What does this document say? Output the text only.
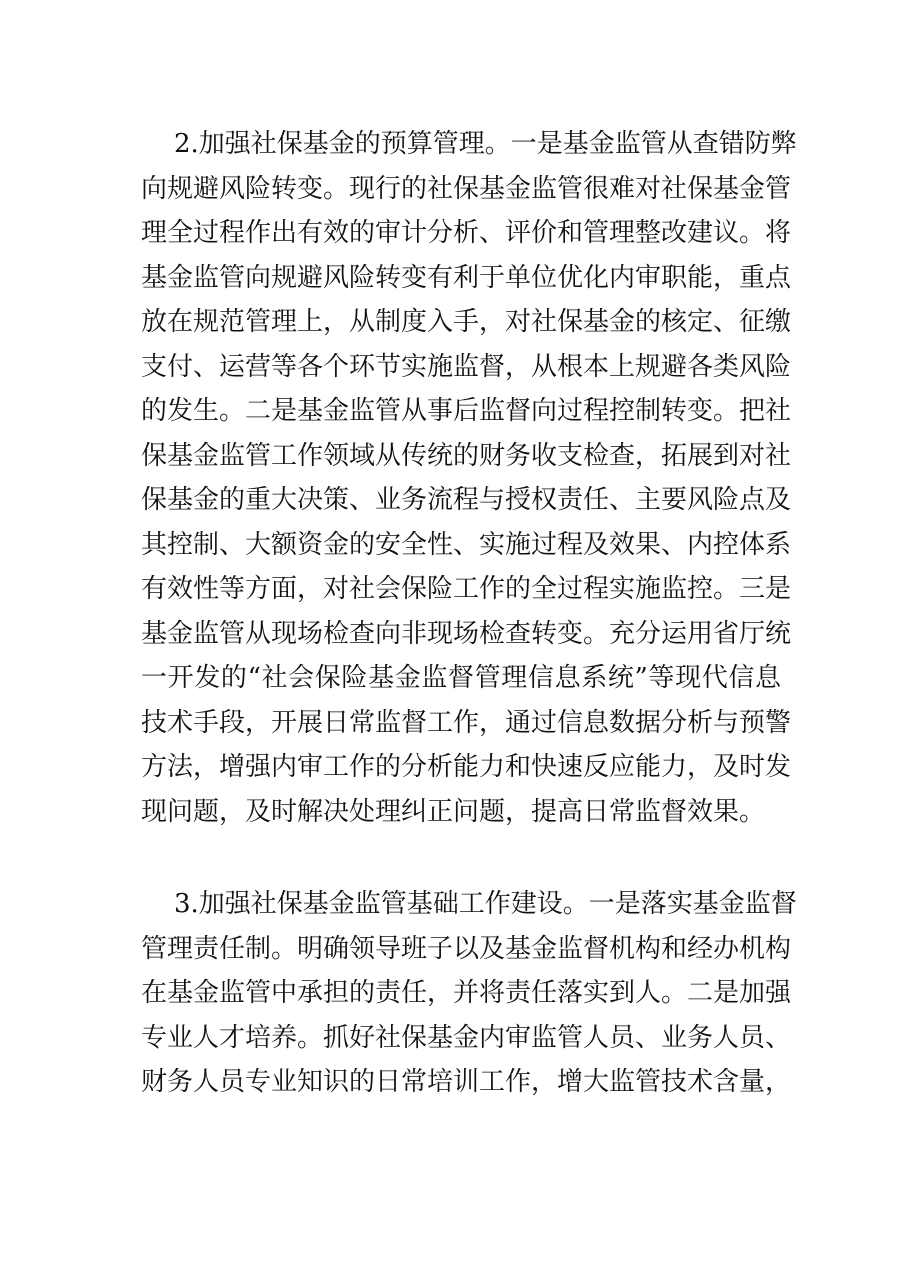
2.加强社保基金的预算管理。一是基金监管从查错防弊
向规避风险转变。现行的社保基金监管很难对社保基金管
理全过程作出有效的审计分析、评价和管理整改建议。将
基金监管向规避风险转变有利于单位优化内审职能，重点
放在规范管理上，从制度入手，对社保基金的核定、征缴
支付、运营等各个环节实施监督，从根本上规避各类风险
的发生。二是基金监管从事后监督向过程控制转变。把社
保基金监管工作领域从传统的财务收支检查，拓展到对社
保基金的重大决策、业务流程与授权责任、主要风险点及
其控制、大额资金的安全性、实施过程及效果、内控体系
有效性等方面，对社会保险工作的全过程实施监控。三是
基金监管从现场检查向非现场检查转变。充分运用省厅统
一开发的“社会保险基金监督管理信息系统”等现代信息
技术手段，开展日常监督工作，通过信息数据分析与预警
方法，增强内审工作的分析能力和快速反应能力，及时发
现问题，及时解决处理纠正问题，提高日常监督效果。
3.加强社保基金监管基础工作建设。一是落实基金监督
管理责任制。明确领导班子以及基金监督机构和经办机构
在基金监管中承担的责任，并将责任落实到人。二是加强
专业人才培养。抓好社保基金内审监管人员、业务人员、
财务人员专业知识的日常培训工作，增大监管技术含量，
